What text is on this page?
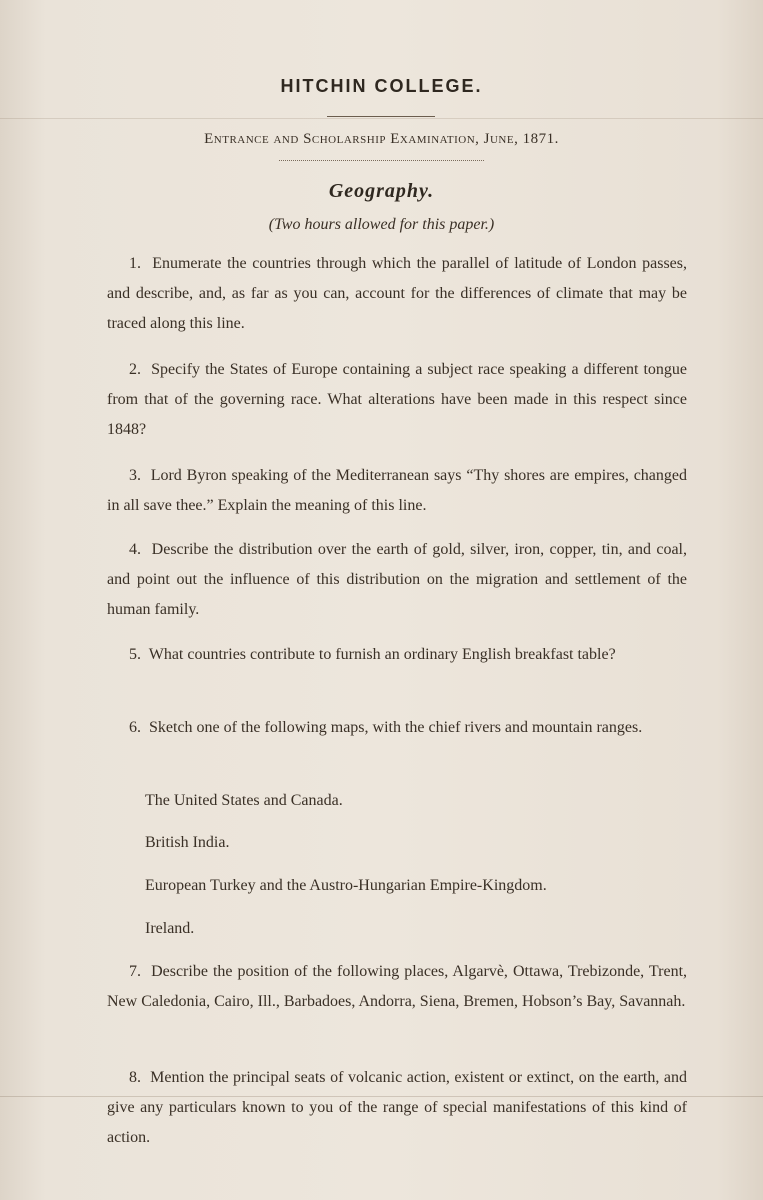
HITCHIN COLLEGE.
Entrance and Scholarship Examination, June, 1871.
Geography.
(Two hours allowed for this paper.)

1. Enumerate the countries through which the parallel of latitude of London passes, and describe, and, as far as you can, account for the differences of climate that may be traced along this line.

2. Specify the States of Europe containing a subject race speaking a different tongue from that of the governing race. What alterations have been made in this respect since 1848?

3. Lord Byron speaking of the Mediterranean says “Thy shores are empires, changed in all save thee.” Explain the meaning of this line.

4. Describe the distribution over the earth of gold, silver, iron, copper, tin, and coal, and point out the influence of this distribution on the migration and settlement of the human family.

5. What countries contribute to furnish an ordinary English breakfast table?

6. Sketch one of the following maps, with the chief rivers and mountain ranges.

The United States and Canada.

British India.

European Turkey and the Austro-Hungarian Empire-Kingdom.

Ireland.

7. Describe the position of the following places, Algarvè, Ottawa, Trebizonde, Trent, New Caledonia, Cairo, Ill., Barbadoes, Andorra, Siena, Bremen, Hobson’s Bay, Savannah.

8. Mention the principal seats of volcanic action, existent or extinct, on the earth, and give any particulars known to you of the range of special manifestations of this kind of action.
